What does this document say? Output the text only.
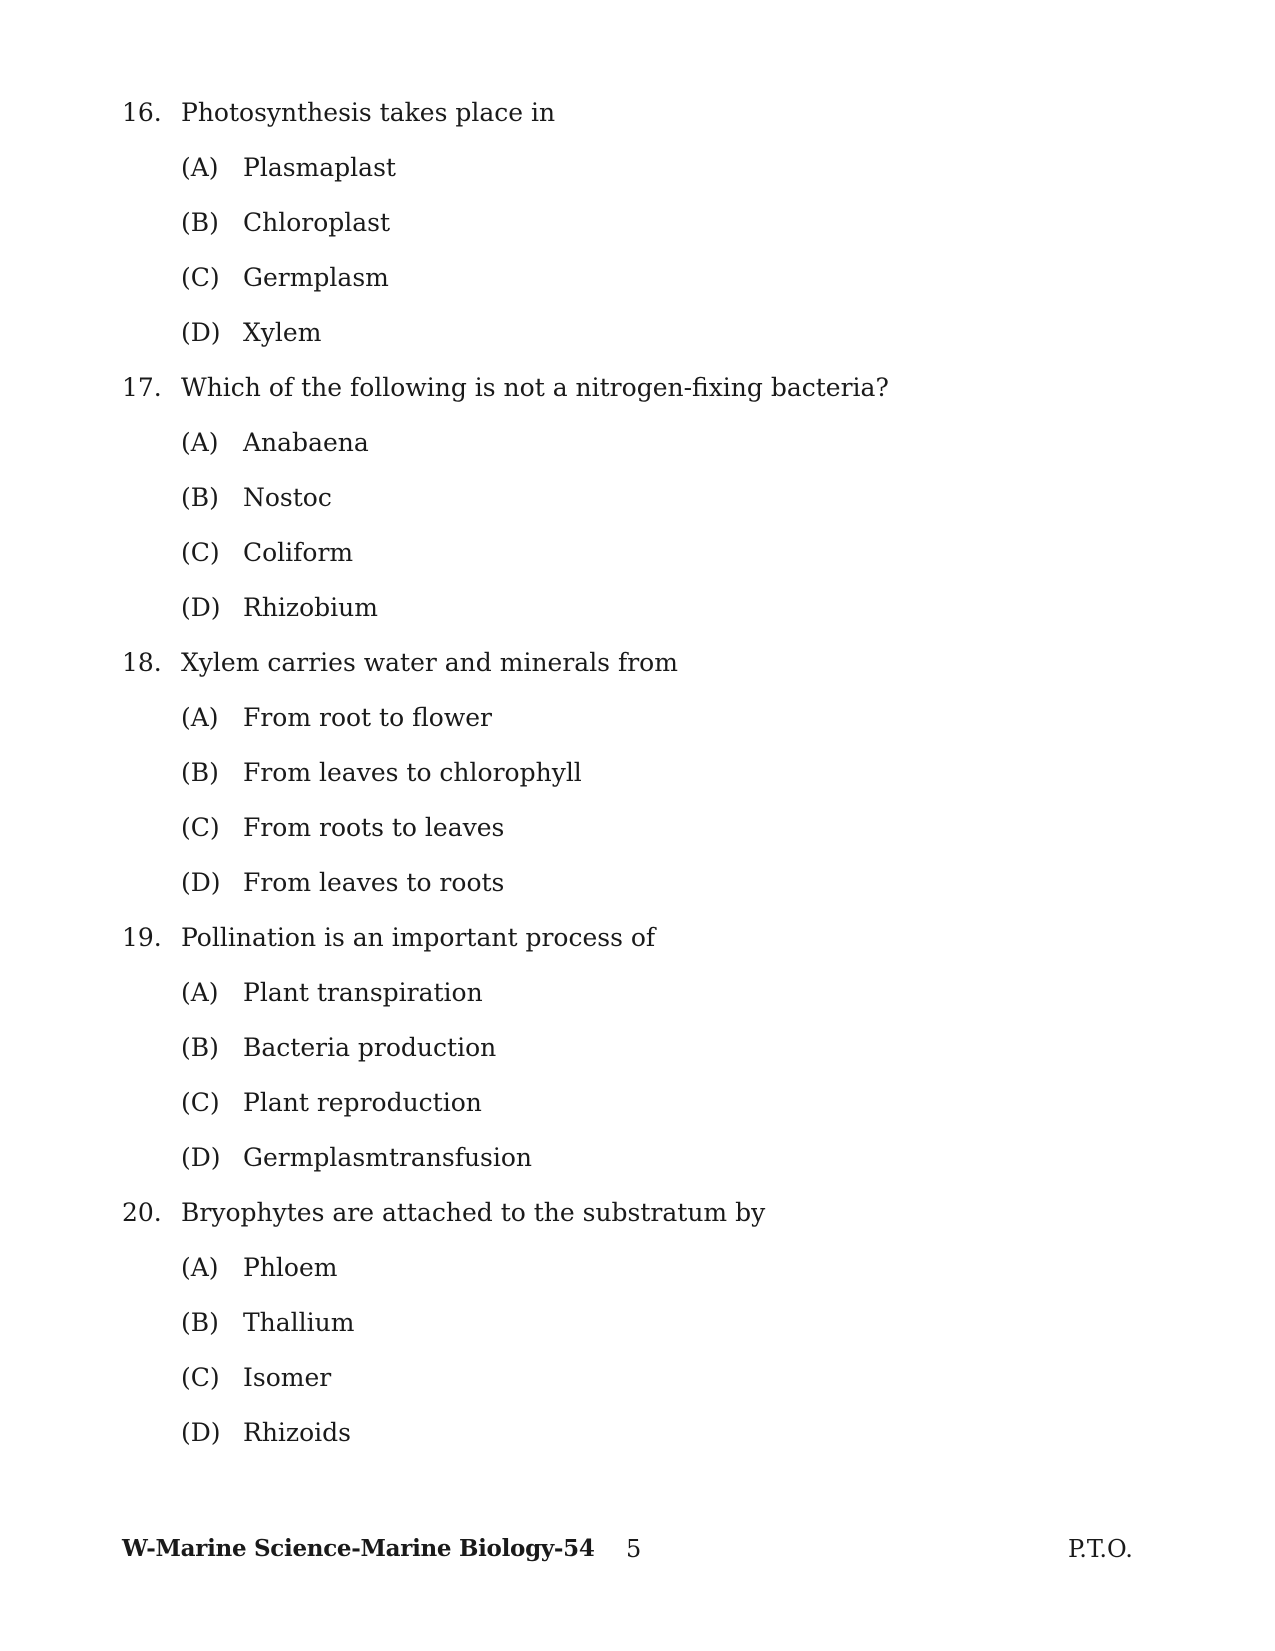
16. Photosynthesis takes place in
(A) Plasmaplast
(B) Chloroplast
(C) Germplasm
(D) Xylem
17. Which of the following is not a nitrogen-fixing bacteria?
(A) Anabaena
(B) Nostoc
(C) Coliform
(D) Rhizobium
18. Xylem carries water and minerals from
(A) From root to flower
(B) From leaves to chlorophyll
(C) From roots to leaves
(D) From leaves to roots
19. Pollination is an important process of
(A) Plant transpiration
(B) Bacteria production
(C) Plant reproduction
(D) Germplasmtransfusion
20. Bryophytes are attached to the substratum by
(A) Phloem
(B) Thallium
(C) Isomer
(D) Rhizoids
W-Marine Science-Marine Biology-54 5	P.T.O.
